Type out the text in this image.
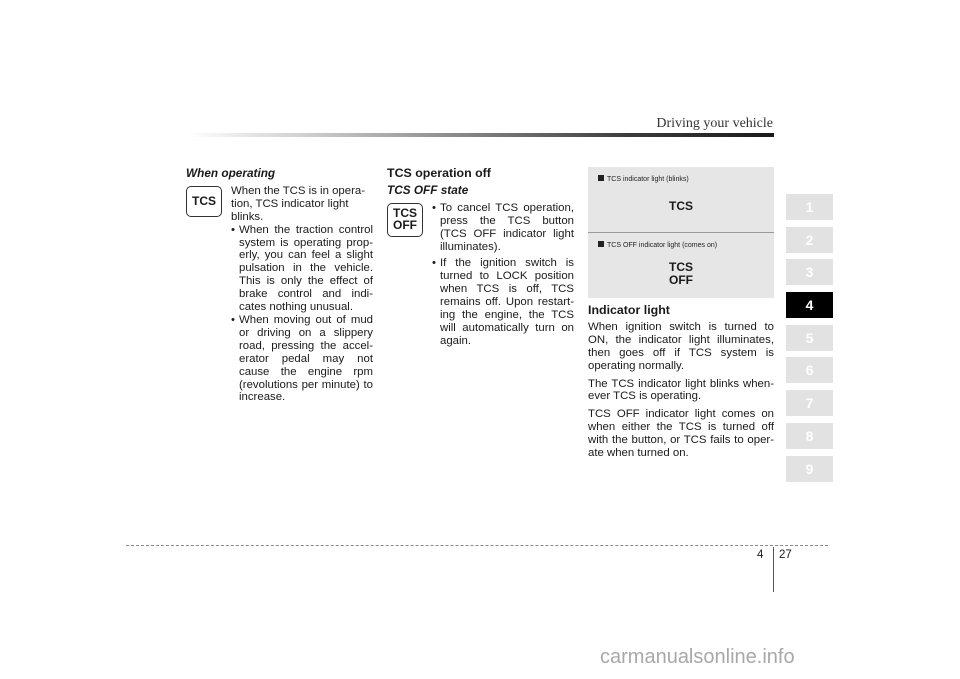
Driving your vehicle
When operating
TCS
When the TCS is in opera- tion, TCS indicator light blinks.
• When the traction control system is operating prop- erly, you can feel a slight pulsation in the vehicle. This is only the effect of brake control and indi- cates nothing unusual.
• When moving out of mud or driving on a slippery road, pressing the accel- erator pedal may not cause the engine rpm (revolutions per minute) to increase.
TCS operation off
TCS OFF state
TCS
OFF
• To cancel TCS operation, press the TCS button (TCS OFF indicator light illuminates).
• If the ignition switch is turned to LOCK position when TCS is off, TCS remains off. Upon restart- ing the engine, the TCS will automatically turn on again.
TCS indicator light (blinks)
TCS
TCS OFF indicator light (comes on)
TCS
OFF
Indicator light
When ignition switch is turned to ON, the indicator light illuminates, then goes off if TCS system is operating normally.
The TCS indicator light blinks when- ever TCS is operating.
TCS OFF indicator light comes on when either the TCS is turned off with the button, or TCS fails to oper- ate when turned on.
1
2
3
4
5
6
7
8
9
4 27
carmanualsonline.info
